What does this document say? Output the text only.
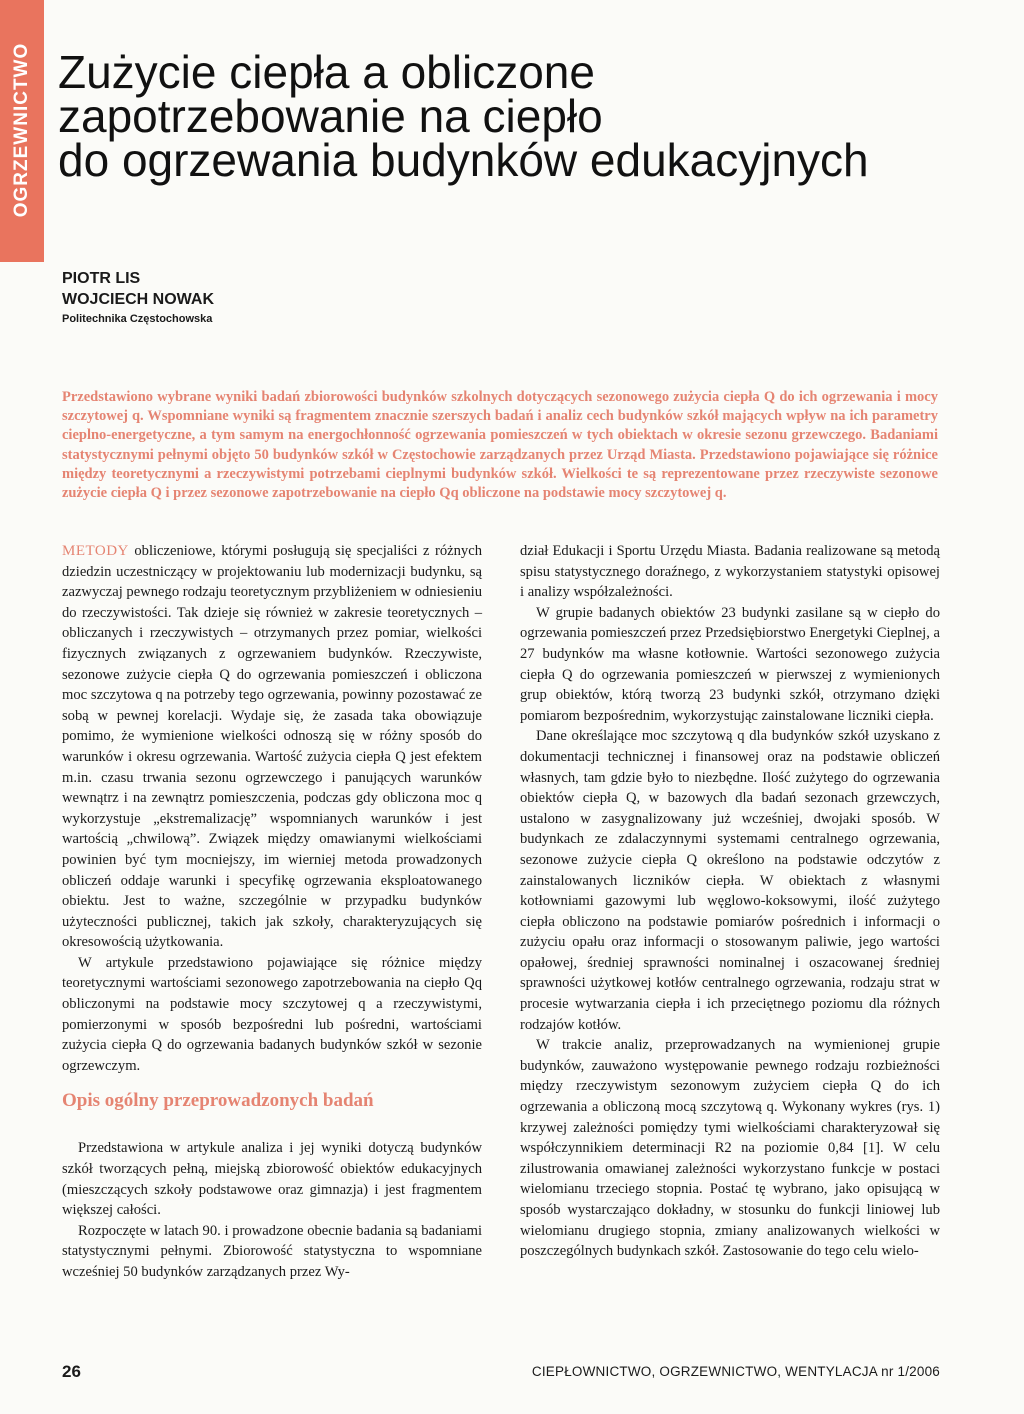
OGRZEWNICTWO Zużycie ciepła a obliczone
zapotrzebowanie na ciepło
do ogrzewania budynków edukacyjnych
PIOTR LIS
WOJCIECH NOWAK
Politechnika Częstochowska

Przedstawiono wybrane wyniki badań zbiorowości budynków szkolnych dotyczących sezonowego zużycia ciepła Q do ich ogrzewania i mocy szczytowej q. Wspomniane wyniki są fragmentem znacznie szerszych badań i analiz cech budynków szkół mających wpływ na ich parametry cieplno-energetyczne, a tym samym na energochłonność ogrzewania pomieszczeń w tych obiektach w okresie sezonu grzewczego. Badaniami statystycznymi pełnymi objęto 50 budynków szkół w Częstochowie zarządzanych przez Urząd Miasta. Przedstawiono pojawiające się różnice między teoretycznymi a rzeczywistymi potrzebami cieplnymi budynków szkół. Wielkości te są reprezentowane przez rzeczywiste sezonowe zużycie ciepła Q i przez sezonowe zapotrzebowanie na ciepło Qq obliczone na podstawie mocy szczytowej q.

METODY obliczeniowe, którymi posługują się specjaliści z różnych dziedzin uczestniczący w projektowaniu lub modernizacji budynku, są zazwyczaj pewnego rodzaju teoretycznym przybliżeniem w odniesieniu do rzeczywistości. Tak dzieje się również w zakresie teoretycznych – obliczanych i rzeczywistych – otrzymanych przez pomiar, wielkości fizycznych związanych z ogrzewaniem budynków. Rzeczywiste, sezonowe zużycie ciepła Q do ogrzewania pomieszczeń i obliczona moc szczytowa q na potrzeby tego ogrzewania, powinny pozostawać ze sobą w pewnej korelacji. Wydaje się, że zasada taka obowiązuje pomimo, że wymienione wielkości odnoszą się w różny sposób do warunków i okresu ogrzewania. Wartość zużycia ciepła Q jest efektem m.in. czasu trwania sezonu ogrzewczego i panujących warunków wewnątrz i na zewnątrz pomieszczenia, podczas gdy obliczona moc q wykorzystuje „ekstremalizację” wspomnianych warunków i jest wartością „chwilową”. Związek między omawianymi wielkościami powinien być tym mocniejszy, im wierniej metoda prowadzonych obliczeń oddaje warunki i specyfikę ogrzewania eksploatowanego obiektu. Jest to ważne, szczególnie w przypadku budynków użyteczności publicznej, takich jak szkoły, charakteryzujących się okresowością użytkowania.

W artykule przedstawiono pojawiające się różnice między teoretycznymi wartościami sezonowego zapotrzebowania na ciepło Qq obliczonymi na podstawie mocy szczytowej q a rzeczywistymi, pomierzonymi w sposób bezpośredni lub pośredni, wartościami zużycia ciepła Q do ogrzewania badanych budynków szkół w sezonie ogrzewczym.

Opis ogólny przeprowadzonych badań

Przedstawiona w artykule analiza i jej wyniki dotyczą budynków szkół tworzących pełną, miejską zbiorowość obiektów edukacyjnych (mieszczących szkoły podstawowe oraz gimnazja) i jest fragmentem większej całości.

Rozpoczęte w latach 90. i prowadzone obecnie badania są badaniami statystycznymi pełnymi. Zbiorowość statystyczna to wspomniane wcześniej 50 budynków zarządzanych przez Wy-

dział Edukacji i Sportu Urzędu Miasta. Badania realizowane są metodą spisu statystycznego doraźnego, z wykorzystaniem statystyki opisowej i analizy współzależności.

W grupie badanych obiektów 23 budynki zasilane są w ciepło do ogrzewania pomieszczeń przez Przedsiębiorstwo Energetyki Cieplnej, a 27 budynków ma własne kotłownie. Wartości sezonowego zużycia ciepła Q do ogrzewania pomieszczeń w pierwszej z wymienionych grup obiektów, którą tworzą 23 budynki szkół, otrzymano dzięki pomiarom bezpośrednim, wykorzystując zainstalowane liczniki ciepła.

Dane określające moc szczytową q dla budynków szkół uzyskano z dokumentacji technicznej i finansowej oraz na podstawie obliczeń własnych, tam gdzie było to niezbędne. Ilość zużytego do ogrzewania obiektów ciepła Q, w bazowych dla badań sezonach grzewczych, ustalono w zasygnalizowany już wcześniej, dwojaki sposób. W budynkach ze zdalaczynnymi systemami centralnego ogrzewania, sezonowe zużycie ciepła Q określono na podstawie odczytów z zainstalowanych liczników ciepła. W obiektach z własnymi kotłowniami gazowymi lub węglowo-koksowymi, ilość zużytego ciepła obliczono na podstawie pomiarów pośrednich i informacji o zużyciu opału oraz informacji o stosowanym paliwie, jego wartości opałowej, średniej sprawności nominalnej i oszacowanej średniej sprawności użytkowej kotłów centralnego ogrzewania, rodzaju strat w procesie wytwarzania ciepła i ich przeciętnego poziomu dla różnych rodzajów kotłów.

W trakcie analiz, przeprowadzanych na wymienionej grupie budynków, zauważono występowanie pewnego rodzaju rozbieżności między rzeczywistym sezonowym zużyciem ciepła Q do ich ogrzewania a obliczoną mocą szczytową q. Wykonany wykres (rys. 1) krzywej zależności pomiędzy tymi wielkościami charakteryzował się współczynnikiem determinacji R2 na poziomie 0,84 [1]. W celu zilustrowania omawianej zależności wykorzystano funkcje w postaci wielomianu trzeciego stopnia. Postać tę wybrano, jako opisującą w sposób wystarczająco dokładny, w stosunku do funkcji liniowej lub wielomianu drugiego stopnia, zmiany analizowanych wielkości w poszczególnych budynkach szkół. Zastosowanie do tego celu wielo-

26	CIEPŁOWNICTWO, OGRZEWNICTWO, WENTYLACJA nr 1/2006
